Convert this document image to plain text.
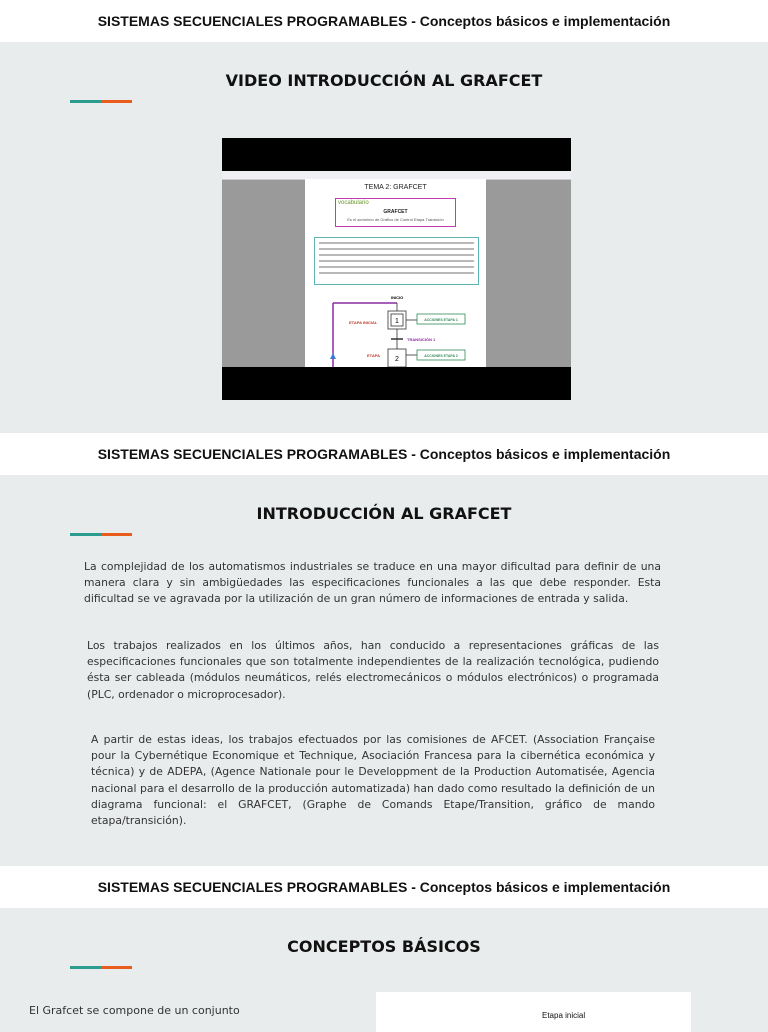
SISTEMAS SECUENCIALES PROGRAMABLES - Conceptos básicos e implementación
VIDEO INTRODUCCIÓN AL GRAFCET
TEMA 2: GRAFCET
vocabulario
GRAFCET
Es el acrónimo de Gráfico de Control Etapa Transición
INICIO
ETAPA INICIAL	1	ACCIONES ETAPA 1
TRANSICIÓN 1
ETAPA
2	ACCIONES ETAPA 2
SISTEMAS SECUENCIALES PROGRAMABLES - Conceptos básicos e implementación
INTRODUCCIÓN AL GRAFCET
La complejidad de los automatismos industriales se traduce en una mayor dificultad para definir de una manera clara y sin ambigüedades las especificaciones funcionales a las que debe responder. Esta dificultad se ve agravada por la utilización de un gran número de informaciones de entrada y salida.
Los trabajos realizados en los últimos años, han conducido a representaciones gráficas de las especificaciones funcionales que son totalmente independientes de la realización tecnológica, pudiendo ésta ser cableada (módulos neumáticos, relés electromecánicos o módulos electrónicos) o programada (PLC, ordenador o microprocesador).
A partir de estas ideas, los trabajos efectuados por las comisiones de AFCET. (Association Française pour la Cybernétique Economique et Technique, Asociación Francesa para la cibernética económica y técnica) y de ADEPA, (Agence Nationale pour le Developpment de la Production Automatisée, Agencia nacional para el desarrollo de la producción automatizada) han dado como resultado la definición de un diagrama funcional: el GRAFCET, (Graphe de Comands Etape/Transition, gráfico de mando etapa/transición).
SISTEMAS SECUENCIALES PROGRAMABLES - Conceptos básicos e implementación
CONCEPTOS BÁSICOS
El Grafcet se compone de un conjunto	Etapa inicial
